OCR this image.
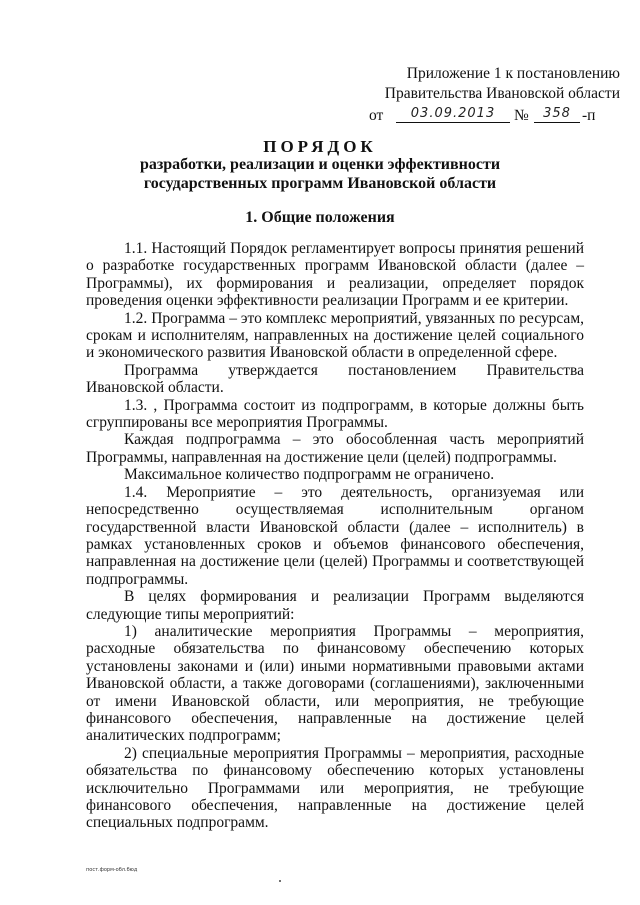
Приложение 1 к постановлению
Правительства Ивановской области
от	03.09.2013	№	358 -п
ПОРЯДОК
разработки, реализации и оценки эффективности
государственных программ Ивановской области
1. Общие положения

1.1. Настоящий Порядок регламентирует вопросы принятия решений о разработке государственных программ Ивановской области (далее – Программы), их формирования и реализации, определяет порядок проведения оценки эффективности реализации Программ и ее критерии.

1.2. Программа – это комплекс мероприятий, увязанных по ресурсам, срокам и исполнителям, направленных на достижение целей социального и экономического развития Ивановской области в определенной сфере.

Программа утверждается постановлением Правительства Ивановской области.

1.3. , Программа состоит из подпрограмм, в которые должны быть сгруппированы все мероприятия Программы.

Каждая подпрограмма – это обособленная часть мероприятий Программы, направленная на достижение цели (целей) подпрограммы.

Максимальное количество подпрограмм не ограничено.

1.4. Мероприятие – это деятельность, организуемая или непосредственно осуществляемая исполнительным органом государственной власти Ивановской области (далее – исполнитель) в рамках установленных сроков и объемов финансового обеспечения, направленная на достижение цели (целей) Программы и соответствующей подпрограммы.

В целях формирования и реализации Программ выделяются следующие типы мероприятий:

1) аналитические мероприятия Программы – мероприятия, расходные обязательства по финансовому обеспечению которых установлены законами и (или) иными нормативными правовыми актами Ивановской области, а также договорами (соглашениями), заключенными от имени Ивановской области, или мероприятия, не требующие финансового обеспечения, направленные на достижение целей аналитических подпрограмм;

2) специальные мероприятия Программы – мероприятия, расходные обязательства по финансовому обеспечению которых установлены исключительно Программами или мероприятия, не требующие финансового обеспечения, направленные на достижение целей специальных подпрограмм.

пост.форм-обл.бюд
